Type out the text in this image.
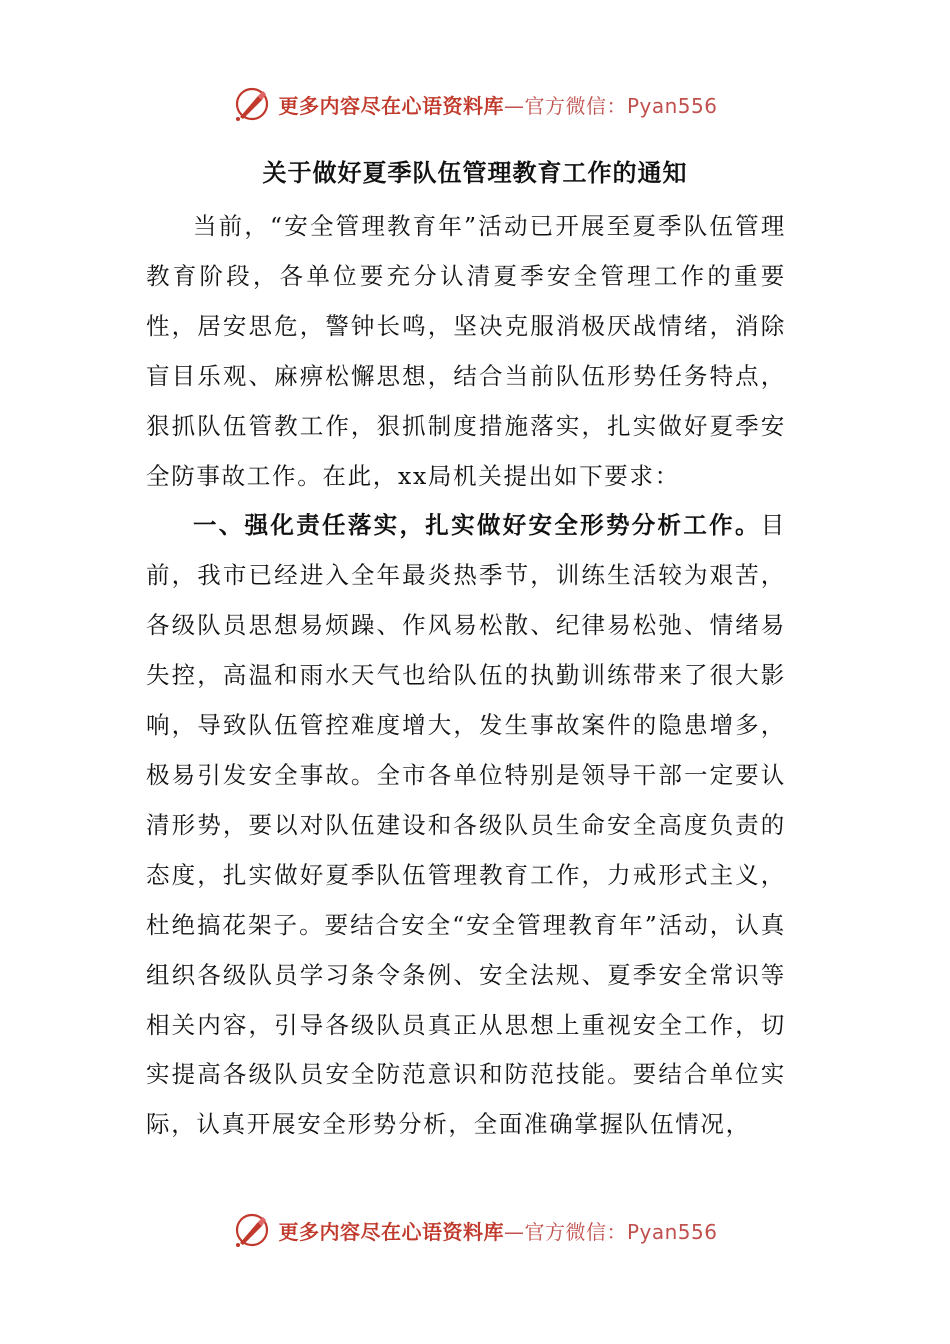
更多内容尽在心语资料库—官方微信：Pyan556
关于做好夏季队伍管理教育工作的通知

当前，“安全管理教育年”活动已开展至夏季队伍管理教育阶段，各单位要充分认清夏季安全管理工作的重要性，居安思危，警钟长鸣，坚决克服消极厌战情绪，消除盲目乐观、麻痹松懈思想，结合当前队伍形势任务特点，狠抓队伍管教工作，狠抓制度措施落实，扎实做好夏季安全防事故工作。在此，xx局机关提出如下要求：

一、强化责任落实，扎实做好安全形势分析工作。目前，我市已经进入全年最炎热季节，训练生活较为艰苦，各级队员思想易烦躁、作风易松散、纪律易松弛、情绪易失控，高温和雨水天气也给队伍的执勤训练带来了很大影响，导致队伍管控难度增大，发生事故案件的隐患增多，极易引发安全事故。全市各单位特别是领导干部一定要认清形势，要以对队伍建设和各级队员生命安全高度负责的态度，扎实做好夏季队伍管理教育工作，力戒形式主义，杜绝搞花架子。要结合安全“安全管理教育年”活动，认真组织各级队员学习条令条例、安全法规、夏季安全常识等相关内容，引导各级队员真正从思想上重视安全工作，切实提高各级队员安全防范意识和防范技能。要结合单位实际，认真开展安全形势分析，全面准确掌握队伍情况，

更多内容尽在心语资料库—官方微信：Pyan556
